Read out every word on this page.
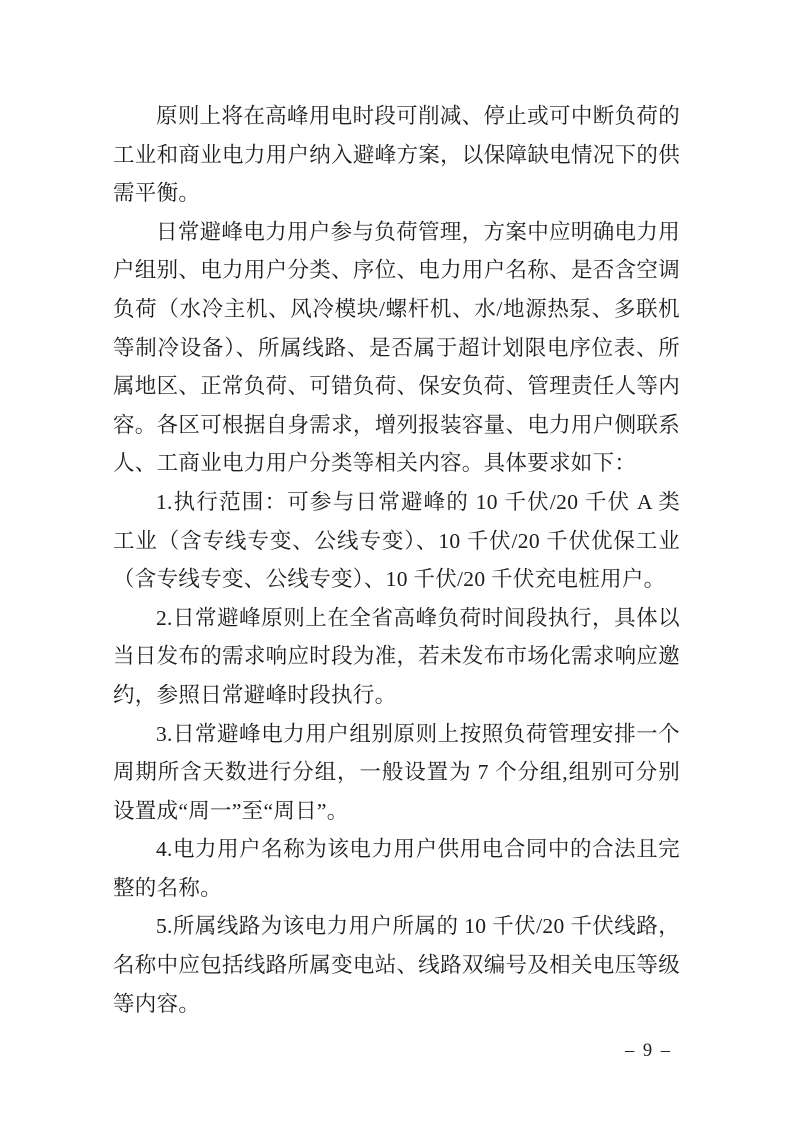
原则上将在高峰用电时段可削减、停止或可中断负荷的工业和商业电力用户纳入避峰方案，以保障缺电情况下的供需平衡。

日常避峰电力用户参与负荷管理，方案中应明确电力用户组别、电力用户分类、序位、电力用户名称、是否含空调负荷（水冷主机、风冷模块/螺杆机、水/地源热泵、多联机等制冷设备）、所属线路、是否属于超计划限电序位表、所属地区、正常负荷、可错负荷、保安负荷、管理责任人等内容。各区可根据自身需求，增列报装容量、电力用户侧联系人、工商业电力用户分类等相关内容。具体要求如下：

1.执行范围：可参与日常避峰的 10 千伏/20 千伏 A 类工业（含专线专变、公线专变）、10 千伏/20 千伏优保工业（含专线专变、公线专变）、10 千伏/20 千伏充电桩用户。

2.日常避峰原则上在全省高峰负荷时间段执行，具体以当日发布的需求响应时段为准，若未发布市场化需求响应邀约，参照日常避峰时段执行。

3.日常避峰电力用户组别原则上按照负荷管理安排一个周期所含天数进行分组，一般设置为 7 个分组,组别可分别设置成“周一”至“周日”。

4.电力用户名称为该电力用户供用电合同中的合法且完整的名称。

5.所属线路为该电力用户所属的 10 千伏/20 千伏线路，名称中应包括线路所属变电站、线路双编号及相关电压等级等内容。

– 9 –
